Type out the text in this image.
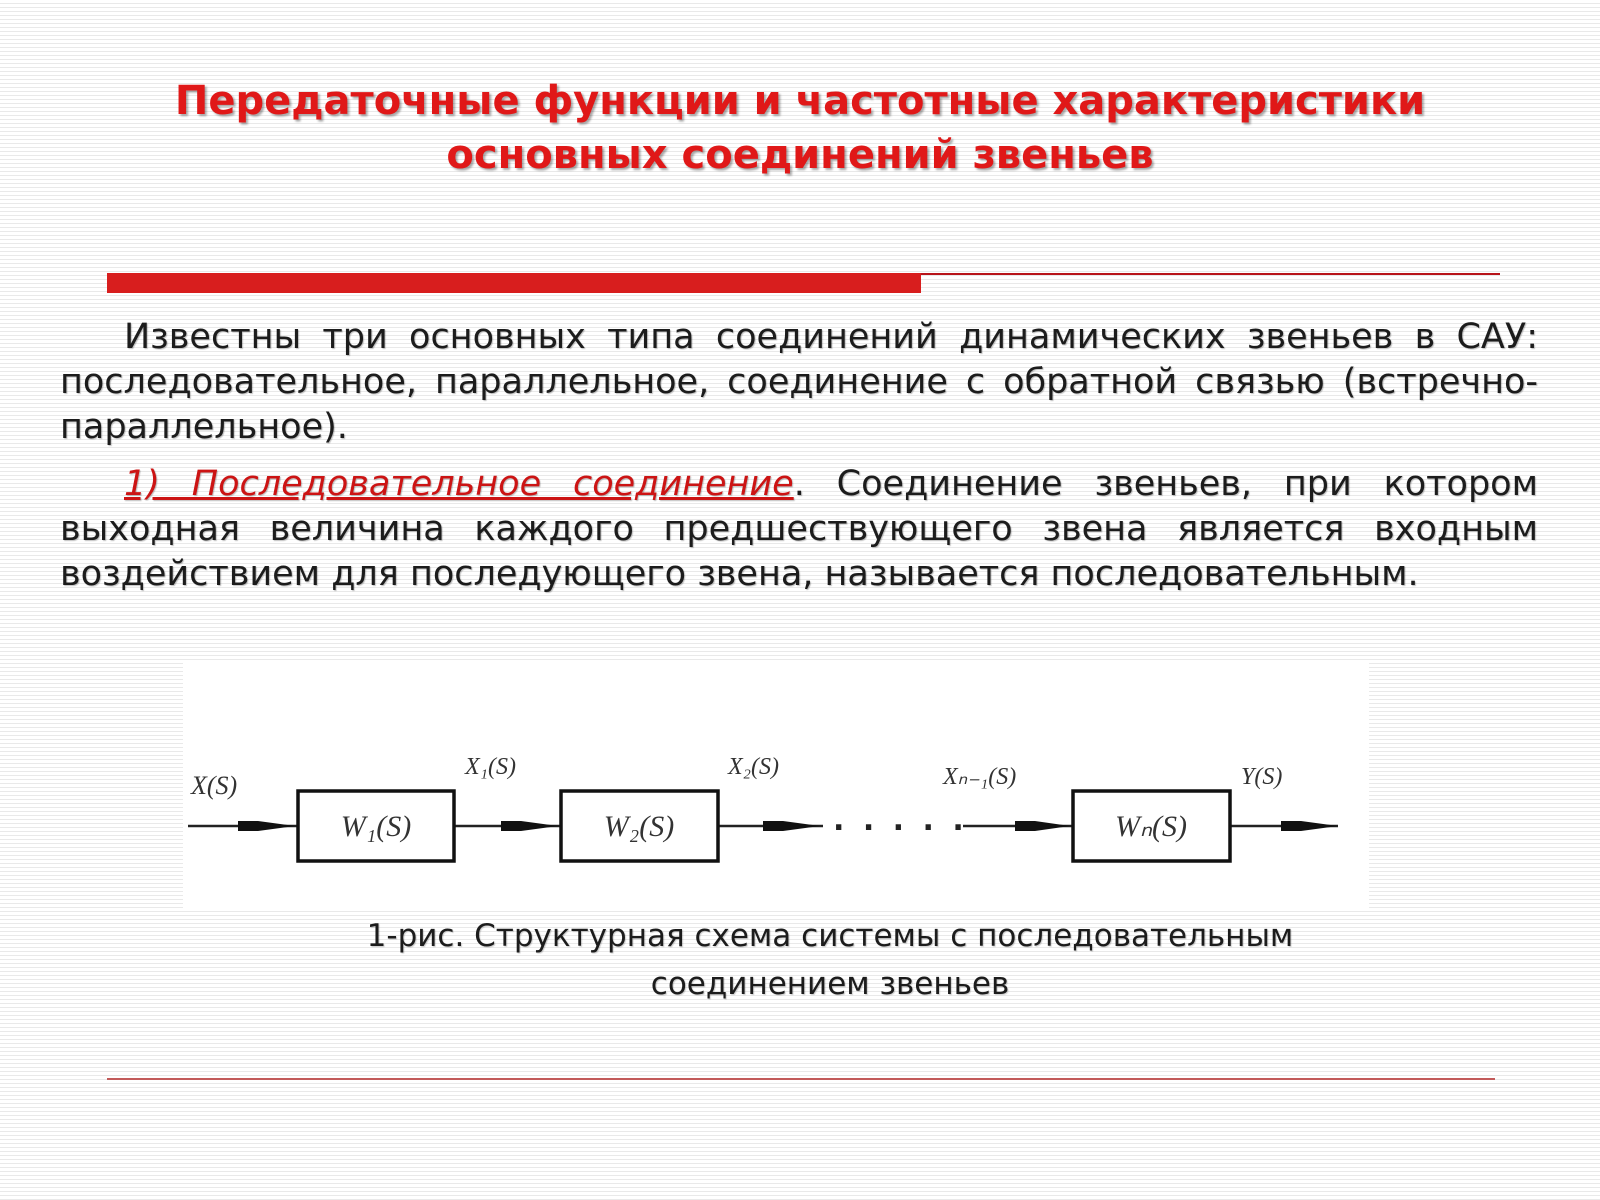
Передаточные функции и частотные характеристики
основных соединений звеньев

Известны три основных типа соединений динамических звеньев в САУ: последовательное, параллельное, соединение с обратной связью (встречно-параллельное).

1) Последовательное соединение. Соединение звеньев, при котором выходная величина каждого предшествующего звена является входным воздействием для последующего звена, называется последовательным.

W₁(S)	W₂(S)	Wₙ(S)
X(S)
X₁(S)	X₂(S)	Xₙ₋₁(S)	Y(S)
. . . . .
1-рис. Структурная схема системы с последовательным
соединением звеньев
